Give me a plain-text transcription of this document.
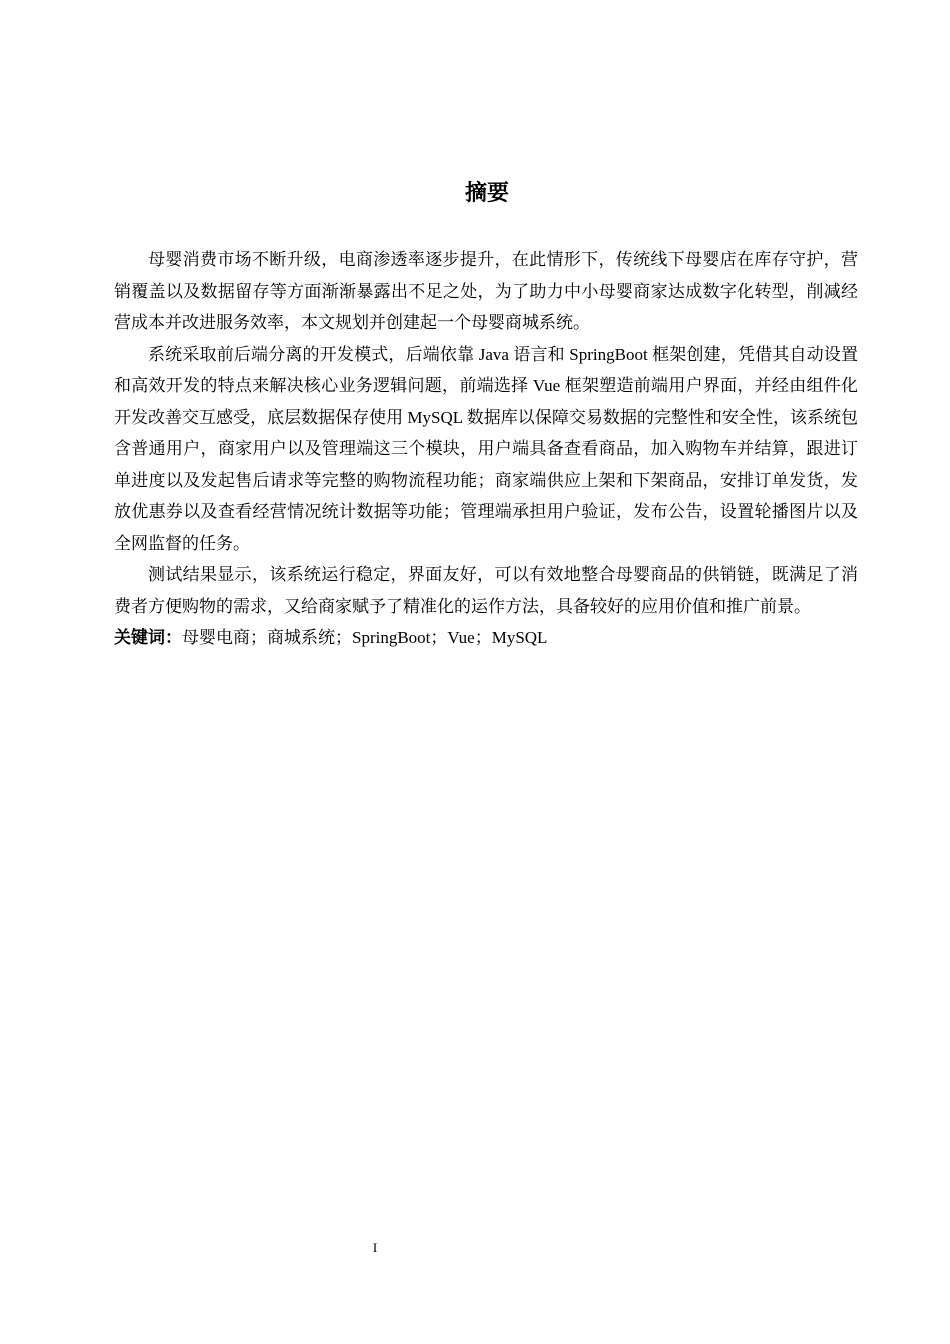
摘要

母婴消费市场不断升级，电商渗透率逐步提升，在此情形下，传统线下母婴店在库存守护，营销覆盖以及数据留存等方面渐渐暴露出不足之处，为了助力中小母婴商家达成数字化转型，削减经营成本并改进服务效率，本文规划并创建起一个母婴商城系统。

系统采取前后端分离的开发模式，后端依靠 Java 语言和 SpringBoot 框架创建，凭借其自动设置和高效开发的特点来解决核心业务逻辑问题，前端选择 Vue 框架塑造前端用户界面，并经由组件化开发改善交互感受，底层数据保存使用 MySQL 数据库以保障交易数据的完整性和安全性，该系统包含普通用户，商家用户以及管理端这三个模块，用户端具备查看商品，加入购物车并结算，跟进订单进度以及发起售后请求等完整的购物流程功能；商家端供应上架和下架商品，安排订单发货，发放优惠券以及查看经营情况统计数据等功能；管理端承担用户验证，发布公告，设置轮播图片以及全网监督的任务。

测试结果显示，该系统运行稳定，界面友好，可以有效地整合母婴商品的供销链，既满足了消费者方便购物的需求，又给商家赋予了精准化的运作方法，具备较好的应用价值和推广前景。

关键词：母婴电商；商城系统；SpringBoot；Vue；MySQL

I
